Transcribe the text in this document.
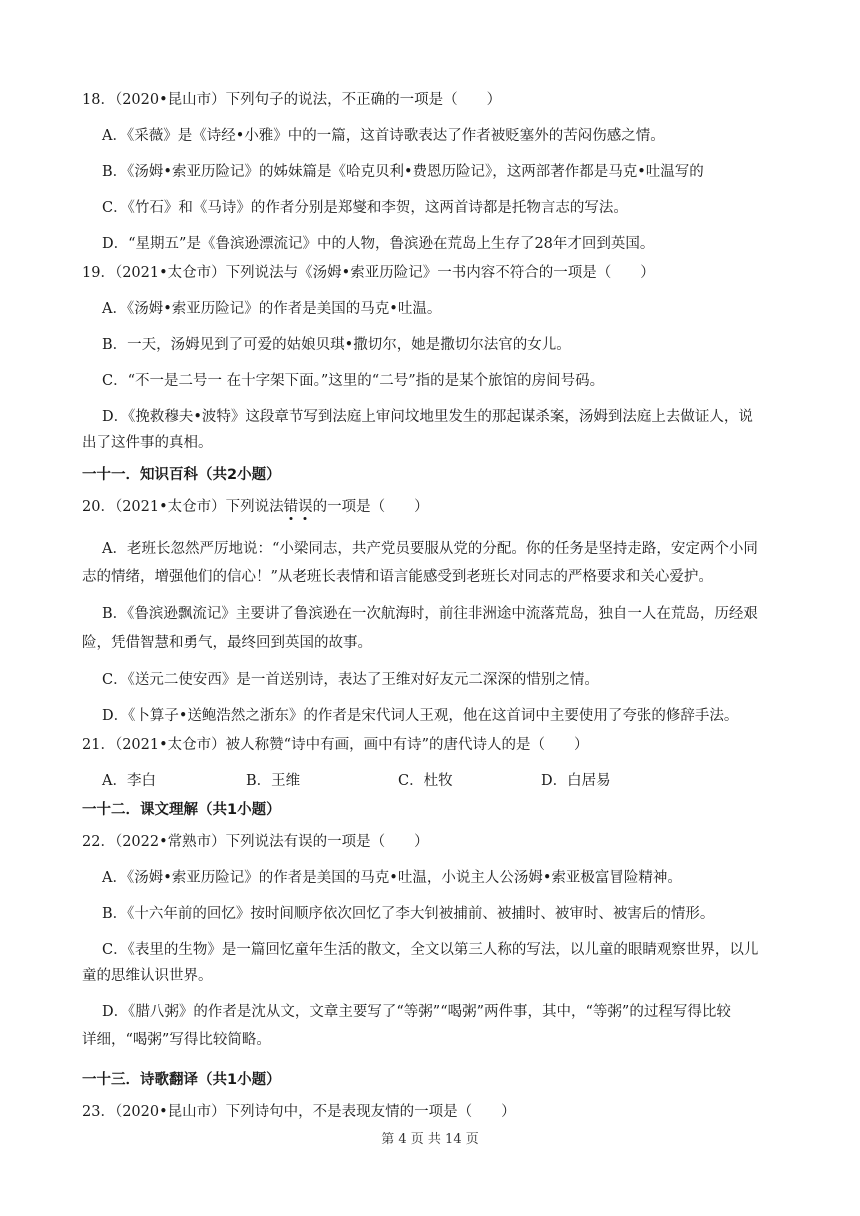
18．（2020•昆山市）下列句子的说法，不正确的一项是（　　）
A．《采薇》是《诗经•小雅》中的一篇，这首诗歌表达了作者被贬塞外的苦闷伤感之情。
B．《汤姆•索亚历险记》的姊妹篇是《哈克贝利•费恩历险记》，这两部著作都是马克•吐温写的
C．《竹石》和《马诗》的作者分别是郑燮和李贺，这两首诗都是托物言志的写法。
D．“星期五”是《鲁滨逊漂流记》中的人物，鲁滨逊在荒岛上生存了28年才回到英国。
19．（2021•太仓市）下列说法与《汤姆•索亚历险记》一书内容不符合的一项是（　　）
A．《汤姆•索亚历险记》的作者是美国的马克•吐温。
B．一天，汤姆见到了可爱的姑娘贝琪•撒切尔，她是撒切尔法官的女儿。
C．“不一是二号一 在十字架下面。”这里的“二号”指的是某个旅馆的房间号码。
D．《挽救穆夫•波特》这段章节写到法庭上审问坟地里发生的那起谋杀案，汤姆到法庭上去做证人，说
出了这件事的真相。
一十一．知识百科（共2小题）
20．（2021•太仓市）下列说法错误的一项是（　　）
A．老班长忽然严厉地说：“小梁同志，共产党员要服从党的分配。你的任务是坚持走路，安定两个小同
志的情绪，增强他们的信心！”从老班长表情和语言能感受到老班长对同志的严格要求和关心爱护。
B．《鲁滨逊飘流记》主要讲了鲁滨逊在一次航海时，前往非洲途中流落荒岛，独自一人在荒岛，历经艰
险，凭借智慧和勇气，最终回到英国的故事。
C．《送元二使安西》是一首送别诗，表达了王维对好友元二深深的惜别之情。
D．《卜算子•送鲍浩然之浙东》的作者是宋代词人王观，他在这首词中主要使用了夸张的修辞手法。
21．（2021•太仓市）被人称赞“诗中有画，画中有诗”的唐代诗人的是（　　）
A．李白	B．王维	C．杜牧	D．白居易
一十二．课文理解（共1小题）
22．（2022•常熟市）下列说法有误的一项是（　　）
A．《汤姆•索亚历险记》的作者是美国的马克•吐温，小说主人公汤姆•索亚极富冒险精神。
B．《十六年前的回忆》按时间顺序依次回忆了李大钊被捕前、被捕时、被审时、被害后的情形。
C．《表里的生物》是一篇回忆童年生活的散文，全文以第三人称的写法，以儿童的眼睛观察世界，以儿
童的思维认识世界。
D．《腊八粥》的作者是沈从文，文章主要写了“等粥”“喝粥”两件事，其中，“等粥”的过程写得比较
详细，“喝粥”写得比较简略。
一十三．诗歌翻译（共1小题）
23．（2020•昆山市）下列诗句中，不是表现友情的一项是（　　）
第 4 页 共 14 页
